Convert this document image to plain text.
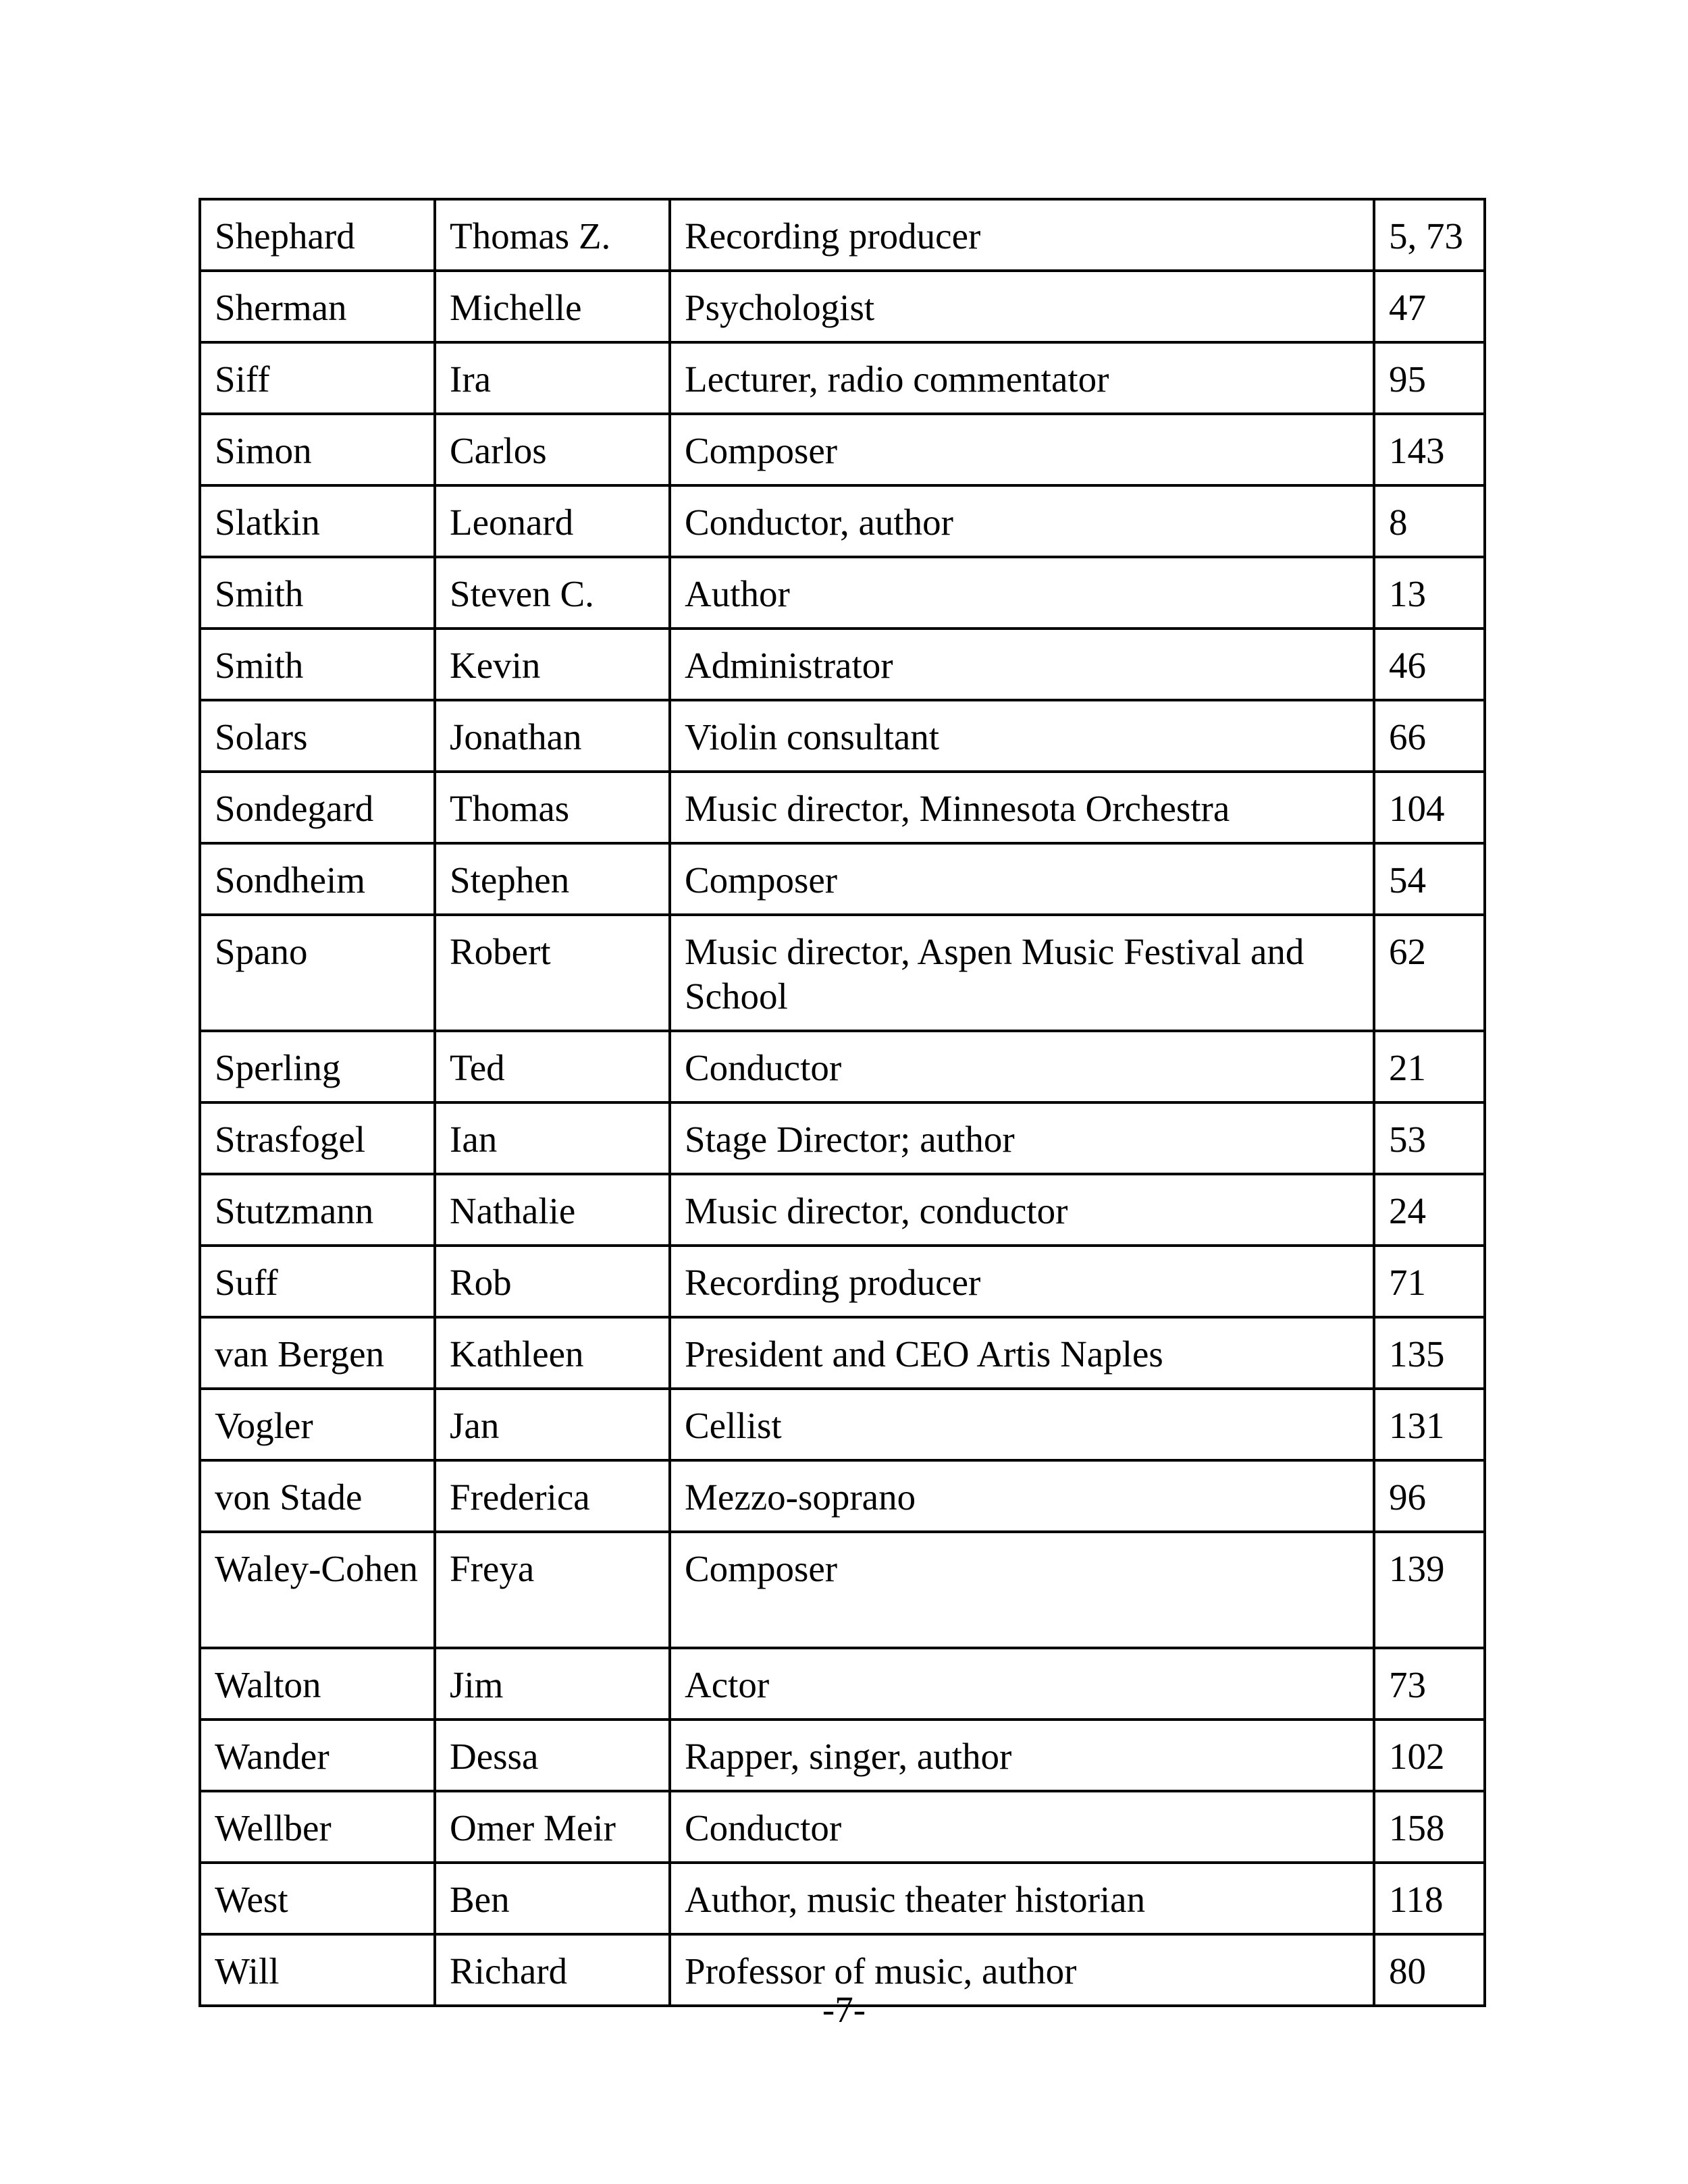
Shephard	Thomas Z.	Recording producer	5, 73
Sherman	Michelle	Psychologist	47
Siff	Ira	Lecturer, radio commentator	95
Simon	Carlos	Composer	143
Slatkin	Leonard	Conductor, author	8
Smith	Steven C.	Author	13
Smith	Kevin	Administrator	46
Solars	Jonathan	Violin consultant	66
Sondegard	Thomas	Music director, Minnesota Orchestra	104
Sondheim	Stephen	Composer	54
Spano	Robert	Music director, Aspen Music Festival and School	62
Sperling	Ted	Conductor	21
Strasfogel	Ian	Stage Director; author	53
Stutzmann	Nathalie	Music director, conductor	24
Suff	Rob	Recording producer	71
van Bergen	Kathleen	President and CEO Artis Naples	135
Vogler	Jan	Cellist	131
von Stade	Frederica	Mezzo-soprano	96
Waley-Cohen	Freya	Composer	139
Walton	Jim	Actor	73
Wander	Dessa	Rapper, singer, author	102
Wellber	Omer Meir	Conductor	158
West	Ben	Author, music theater historian	118
Will	Richard	Professor of music, author	80
-7-
